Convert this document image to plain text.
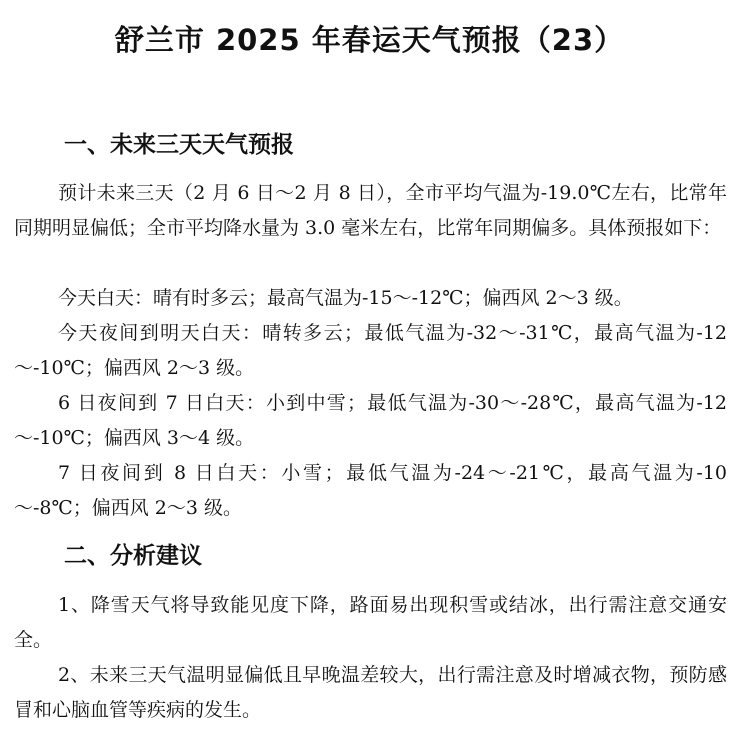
舒兰市 2025 年春运天气预报（23）
一、未来三天天气预报

预计未来三天（2 月 6 日～2 月 8 日），全市平均气温为-19.0℃左右，比常年同期明显偏低；全市平均降水量为 3.0 毫米左右，比常年同期偏多。具体预报如下：

今天白天：晴有时多云；最高气温为-15～-12℃；偏西风 2～3 级。

今天夜间到明天白天：晴转多云；最低气温为-32～-31℃，最高气温为-12～-10℃；偏西风 2～3 级。

6 日夜间到 7 日白天：小到中雪；最低气温为-30～-28℃，最高气温为-12～-10℃；偏西风 3～4 级。

7 日夜间到 8 日白天：小雪；最低气温为-24～-21℃，最高气温为-10～-8℃；偏西风 2～3 级。

二、分析建议

1、降雪天气将导致能见度下降，路面易出现积雪或结冰，出行需注意交通安全。

2、未来三天气温明显偏低且早晚温差较大，出行需注意及时增减衣物，预防感冒和心脑血管等疾病的发生。
